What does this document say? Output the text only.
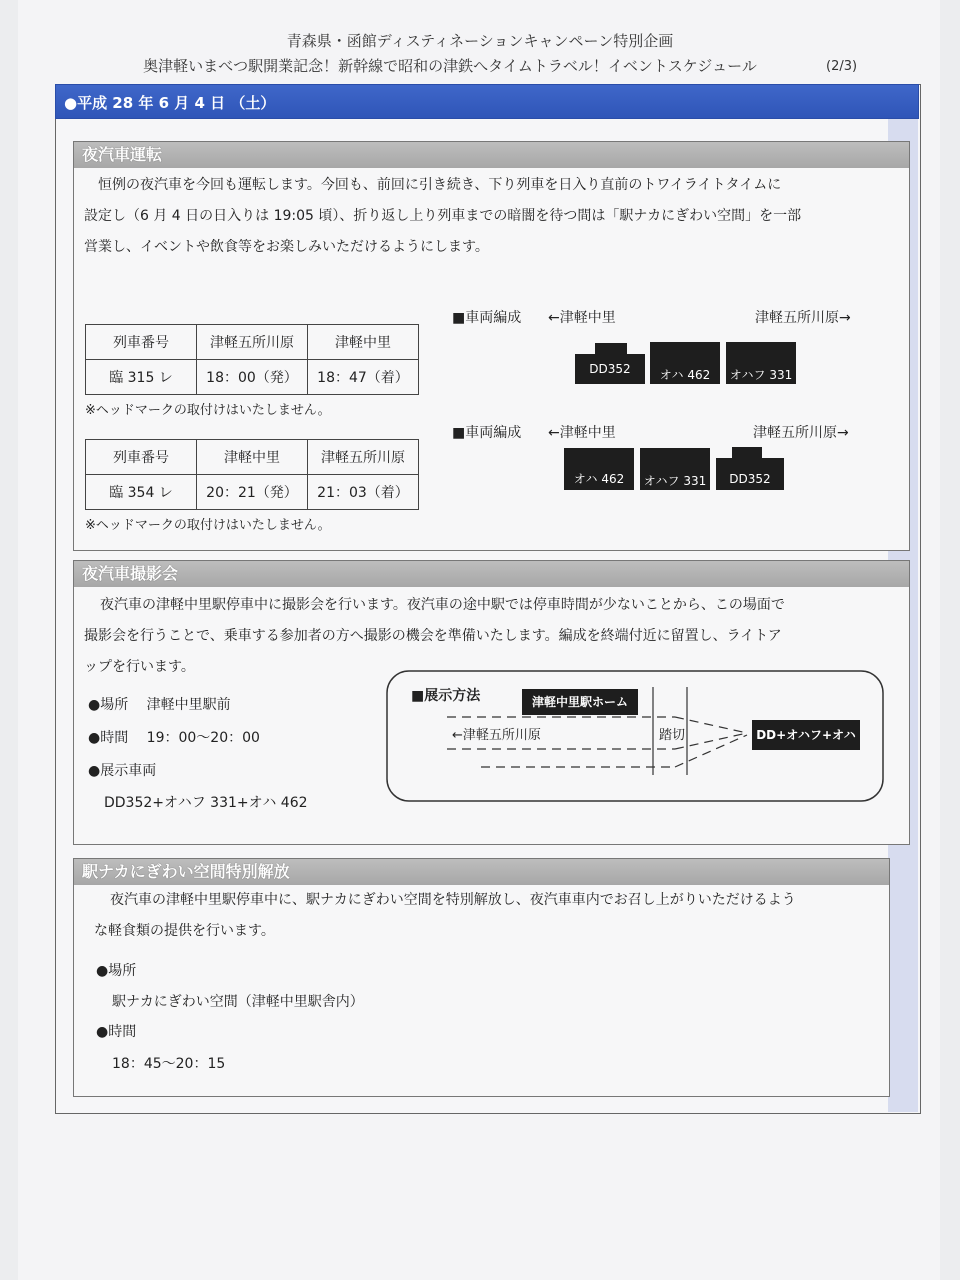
青森県・函館ディスティネーションキャンペーン特別企画
奥津軽いまべつ駅開業記念！新幹線で昭和の津鉄へタイムトラベル！イベントスケジュール	(2/3)
●平成 28 年 6 月 4 日 （土）
夜汽車運転
恒例の夜汽車を今回も運転します。今回も、前回に引き続き、下り列車を日入り直前のトワイライトタイムに
設定し（6 月 4 日の日入りは 19:05 頃）、折り返し上り列車までの暗闇を待つ間は「駅ナカにぎわい空間」を一部
営業し、イベントや飲食等をお楽しみいただけるようにします。
列車番号	津軽五所川原	津軽中里
臨 315 レ	18：00（発）	18：47（着）
※ヘッドマークの取付けはいたしません。
列車番号	津軽中里	津軽五所川原
臨 354 レ	20：21（発）	21：03（着）
※ヘッドマークの取付けはいたしません。
■車両編成 ←津軽中里	津軽五所川原→
DD352	オハ 462	オハフ 331
■車両編成 ←津軽中里	津軽五所川原→
オハ 462	オハフ 331	DD352
夜汽車撮影会
夜汽車の津軽中里駅停車中に撮影会を行います。夜汽車の途中駅では停車時間が少ないことから、この場面で
撮影会を行うことで、乗車する参加者の方へ撮影の機会を準備いたします。編成を終端付近に留置し、ライトア
ップを行います。
●場所　 津軽中里駅前
●時間　 19：00〜20：00
●展示車両
DD352+オハフ 331+オハ 462
■展示方法	津軽中里駅ホーム
←津軽五所川原	踏切	DD+オハフ+オハ
駅ナカにぎわい空間特別解放
夜汽車の津軽中里駅停車中に、駅ナカにぎわい空間を特別解放し、夜汽車車内でお召し上がりいただけるよう
な軽食類の提供を行います。
●場所
駅ナカにぎわい空間（津軽中里駅舎内）
●時間
18：45〜20：15
